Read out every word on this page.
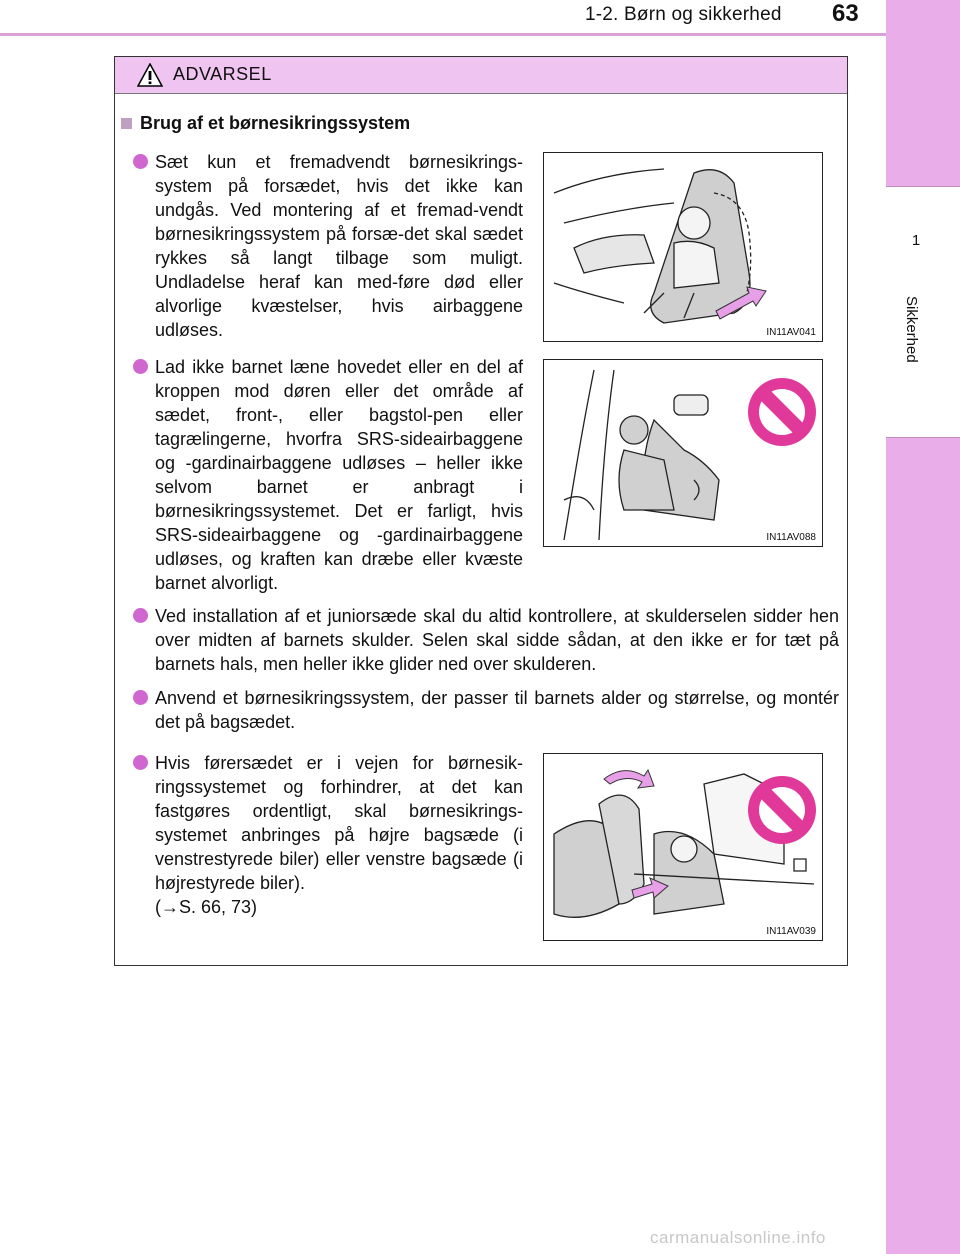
1-2. Børn og sikkerhed 63
1
Sikkerhed
ADVARSEL
Brug af et børnesikringssystem
Sæt kun et fremadvendt børnesikrings-system på forsædet, hvis det ikke kan undgås. Ved montering af et fremad-vendt børnesikringssystem på forsæ-det skal sædet rykkes så langt tilbage som muligt. Undladelse heraf kan med-føre død eller alvorlige kvæstelser, hvis airbaggene udløses.	IN11AV041
Lad ikke barnet læne hovedet eller en del af kroppen mod døren eller det område af sædet, front-, eller bagstol-pen eller tagrælingerne, hvorfra SRS-sideairbaggene og -gardinairbaggene udløses – heller ikke selvom barnet er anbragt i børnesikringssystemet. Det er farligt, hvis SRS-sideairbaggene og -gardinairbaggene udløses, og kraften kan dræbe eller kvæste barnet alvorligt.
IN11AV088
Ved installation af et juniorsæde skal du altid kontrollere, at skulderselen sidder hen over midten af barnets skulder. Selen skal sidde sådan, at den ikke er for tæt på barnets hals, men heller ikke glider ned over skulderen.
Anvend et børnesikringssystem, der passer til barnets alder og størrelse, og montér det på bagsædet.
Hvis førersædet er i vejen for børnesik-ringssystemet og forhindrer, at det kan fastgøres ordentligt, skal børnesikrings-systemet anbringes på højre bagsæde (i venstrestyrede biler) eller venstre bagsæde (i højrestyrede biler).
(→S. 66, 73)
IN11AV039
carmanualsonline.info
